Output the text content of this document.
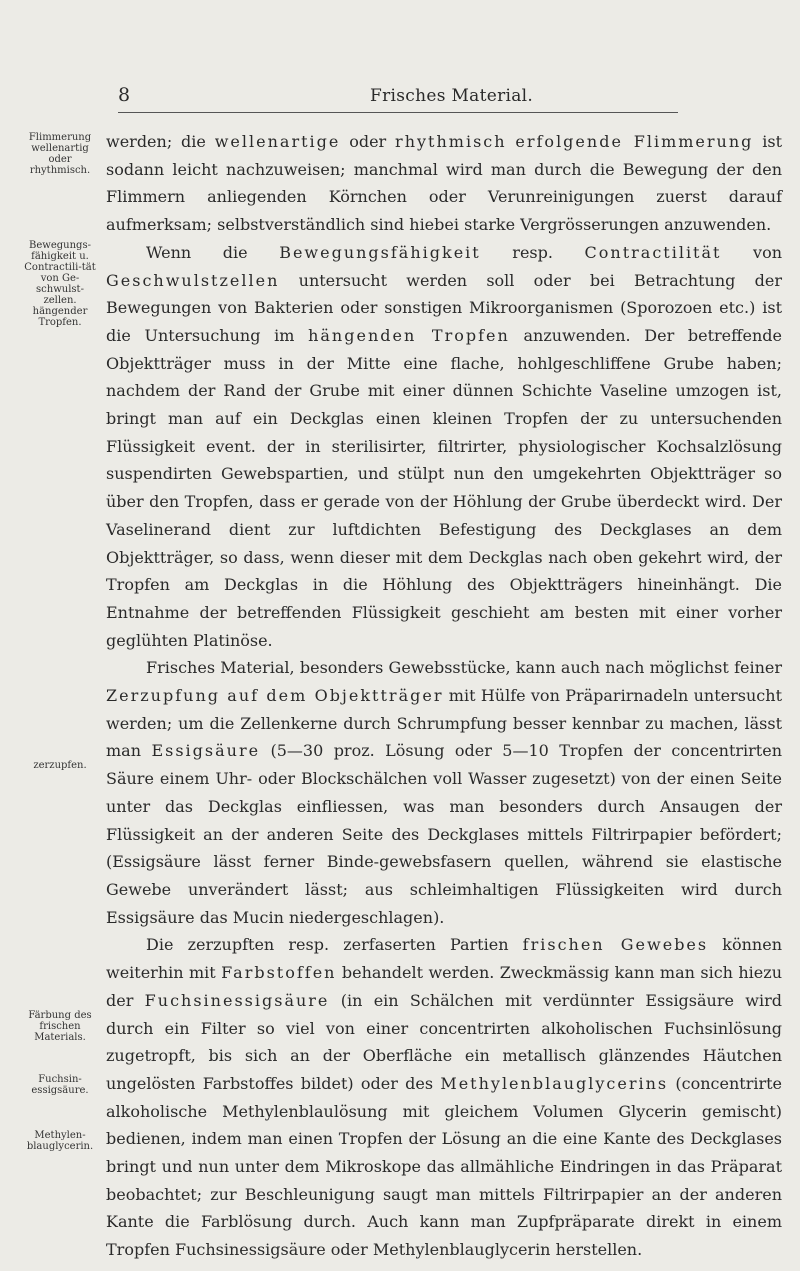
8	Frisches Material.
Flimmerung wellenartig oder rhythmisch.
Bewegungs-fähigkeit u. Contractili-tät von Ge-schwulst-zellen.
hängender Tropfen.
zerzupfen.
Färbung des frischen Materials.
Fuchsin-essigsäure.
Methylen-blauglycerin.

werden; die wellenartige oder rhythmisch erfolgende Flimmerung ist sodann leicht nachzuweisen; manchmal wird man durch die Bewegung der den Flimmern anliegenden Körnchen oder Verunreinigungen zuerst darauf aufmerksam; selbstverständlich sind hiebei starke Vergrösserungen anzuwenden.

Wenn die Bewegungsfähigkeit resp. Contractilität von Geschwulstzellen untersucht werden soll oder bei Betrachtung der Bewegungen von Bakterien oder sonstigen Mikroorganismen (Sporozoen etc.) ist die Untersuchung im hängenden Tropfen anzuwenden. Der betreffende Objektträger muss in der Mitte eine flache, hohlgeschliffene Grube haben; nachdem der Rand der Grube mit einer dünnen Schichte Vaseline umzogen ist, bringt man auf ein Deckglas einen kleinen Tropfen der zu untersuchenden Flüssigkeit event. der in sterilisirter, filtrirter, physiologischer Kochsalzlösung suspendirten Gewebspartien, und stülpt nun den umgekehrten Objektträger so über den Tropfen, dass er gerade von der Höhlung der Grube überdeckt wird. Der Vaselinerand dient zur luftdichten Befestigung des Deckglases an dem Objektträger, so dass, wenn dieser mit dem Deckglas nach oben gekehrt wird, der Tropfen am Deckglas in die Höhlung des Objektträgers hineinhängt. Die Entnahme der betreffenden Flüssigkeit geschieht am besten mit einer vorher geglühten Platinöse.

Frisches Material, besonders Gewebsstücke, kann auch nach möglichst feiner Zerzupfung auf dem Objektträger mit Hülfe von Präparirnadeln untersucht werden; um die Zellenkerne durch Schrumpfung besser kennbar zu machen, lässt man Essigsäure (5—30 proz. Lösung oder 5—10 Tropfen der concentrirten Säure einem Uhr- oder Blockschälchen voll Wasser zugesetzt) von der einen Seite unter das Deckglas einfliessen, was man besonders durch Ansaugen der Flüssigkeit an der anderen Seite des Deckglases mittels Filtrirpapier befördert; (Essigsäure lässt ferner Binde-gewebsfasern quellen, während sie elastische Gewebe unverändert lässt; aus schleimhaltigen Flüssigkeiten wird durch Essigsäure das Mucin niedergeschlagen).

Die zerzupften resp. zerfaserten Partien frischen Gewebes können weiterhin mit Farbstoffen behandelt werden. Zweckmässig kann man sich hiezu der Fuchsinessigsäure (in ein Schälchen mit verdünnter Essigsäure wird durch ein Filter so viel von einer concentrirten alkoholischen Fuchsinlösung zugetropft, bis sich an der Oberfläche ein metallisch glänzendes Häutchen ungelösten Farbstoffes bildet) oder des Methylenblauglycerins (concentrirte alkoholische Methylenblaulösung mit gleichem Volumen Glycerin gemischt) bedienen, indem man einen Tropfen der Lösung an die eine Kante des Deckglases bringt und nun unter dem Mikroskope das allmähliche Eindringen in das Präparat beobachtet; zur Beschleunigung saugt man mittels Filtrirpapier an der anderen Kante die Farblösung durch. Auch kann man Zupfpräparate direkt in einem Tropfen Fuchsinessigsäure oder Methylenblauglycerin herstellen.
